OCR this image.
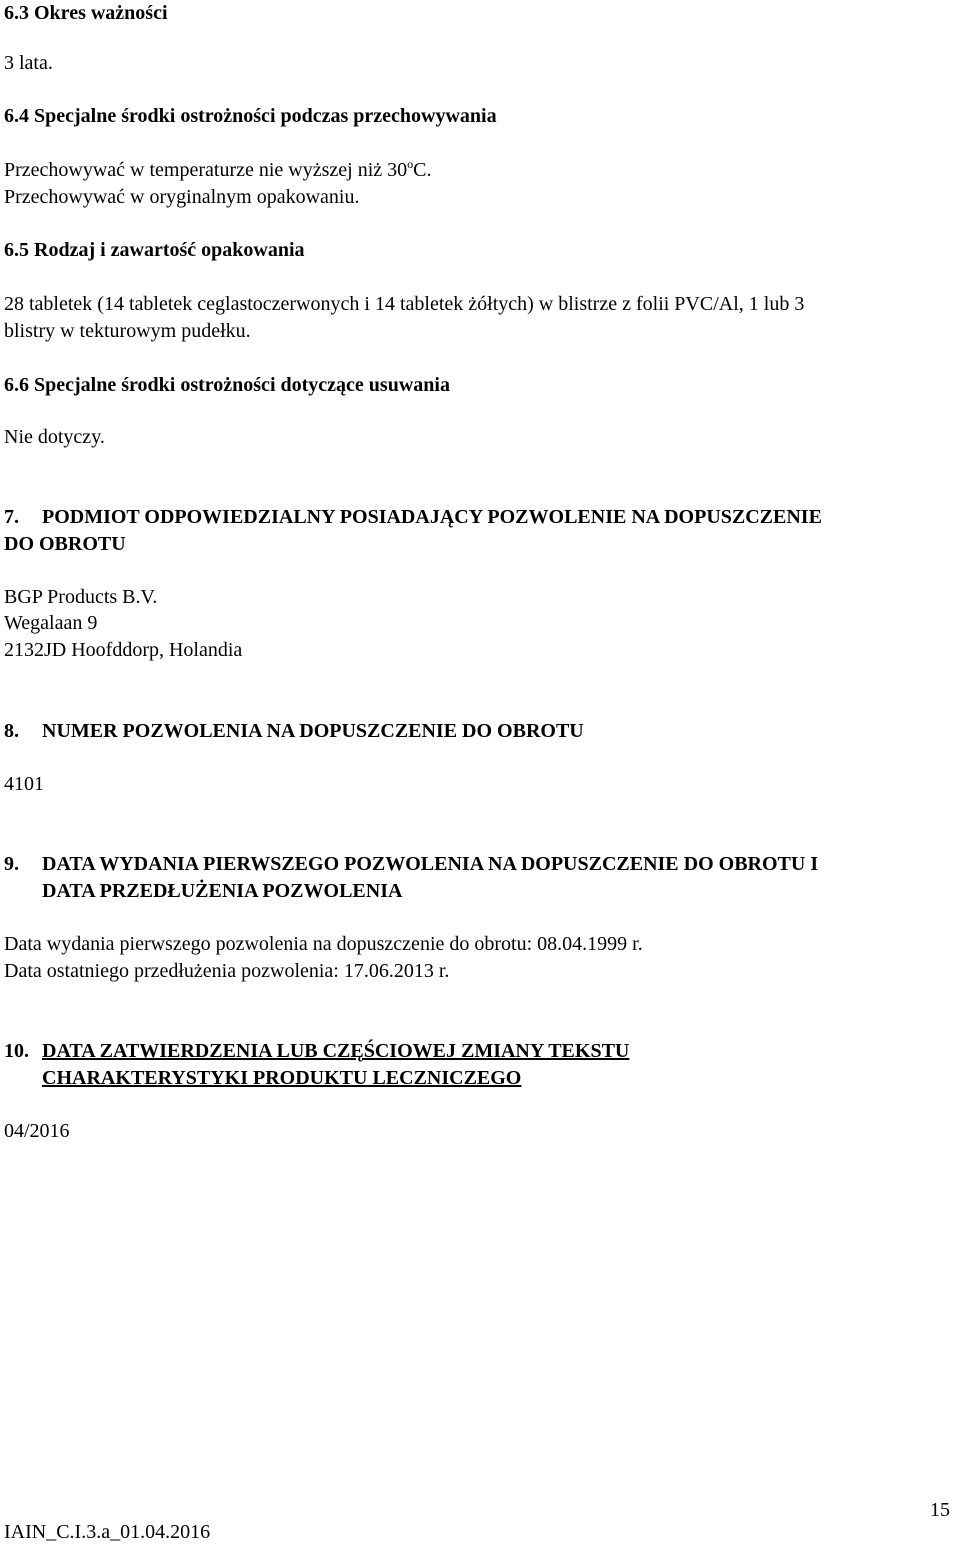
6.3 Okres ważności
3 lata.
6.4 Specjalne środki ostrożności podczas przechowywania
Przechowywać w temperaturze nie wyższej niż 30$^o$C.
Przechowywać w oryginalnym opakowaniu.
6.5 Rodzaj i zawartość opakowania
28 tabletek (14 tabletek ceglastoczerwonych i 14 tabletek żółtych) w blistrze z folii PVC/Al, 1 lub 3
blistry w tekturowym pudełku.
6.6 Specjalne środki ostrożności dotyczące usuwania
Nie dotyczy.
7. PODMIOT ODPOWIEDZIALNY POSIADAJĄCY POZWOLENIE NA DOPUSZCZENIE
DO OBROTU
BGP Products B.V.
Wegalaan 9
2132JD Hoofddorp, Holandia
8. NUMER POZWOLENIA NA DOPUSZCZENIE DO OBROTU
4101
9. DATA WYDANIA PIERWSZEGO POZWOLENIA NA DOPUSZCZENIE DO OBROTU I
DATA PRZEDŁUŻENIA POZWOLENIA
Data wydania pierwszego pozwolenia na dopuszczenie do obrotu: 08.04.1999 r.
Data ostatniego przedłużenia pozwolenia: 17.06.2013 r.
10. DATA ZATWIERDZENIA LUB CZĘŚCIOWEJ ZMIANY TEKSTU
CHARAKTERYSTYKI PRODUKTU LECZNICZEGO
04/2016
15
IAIN_C.I.3.a_01.04.2016
